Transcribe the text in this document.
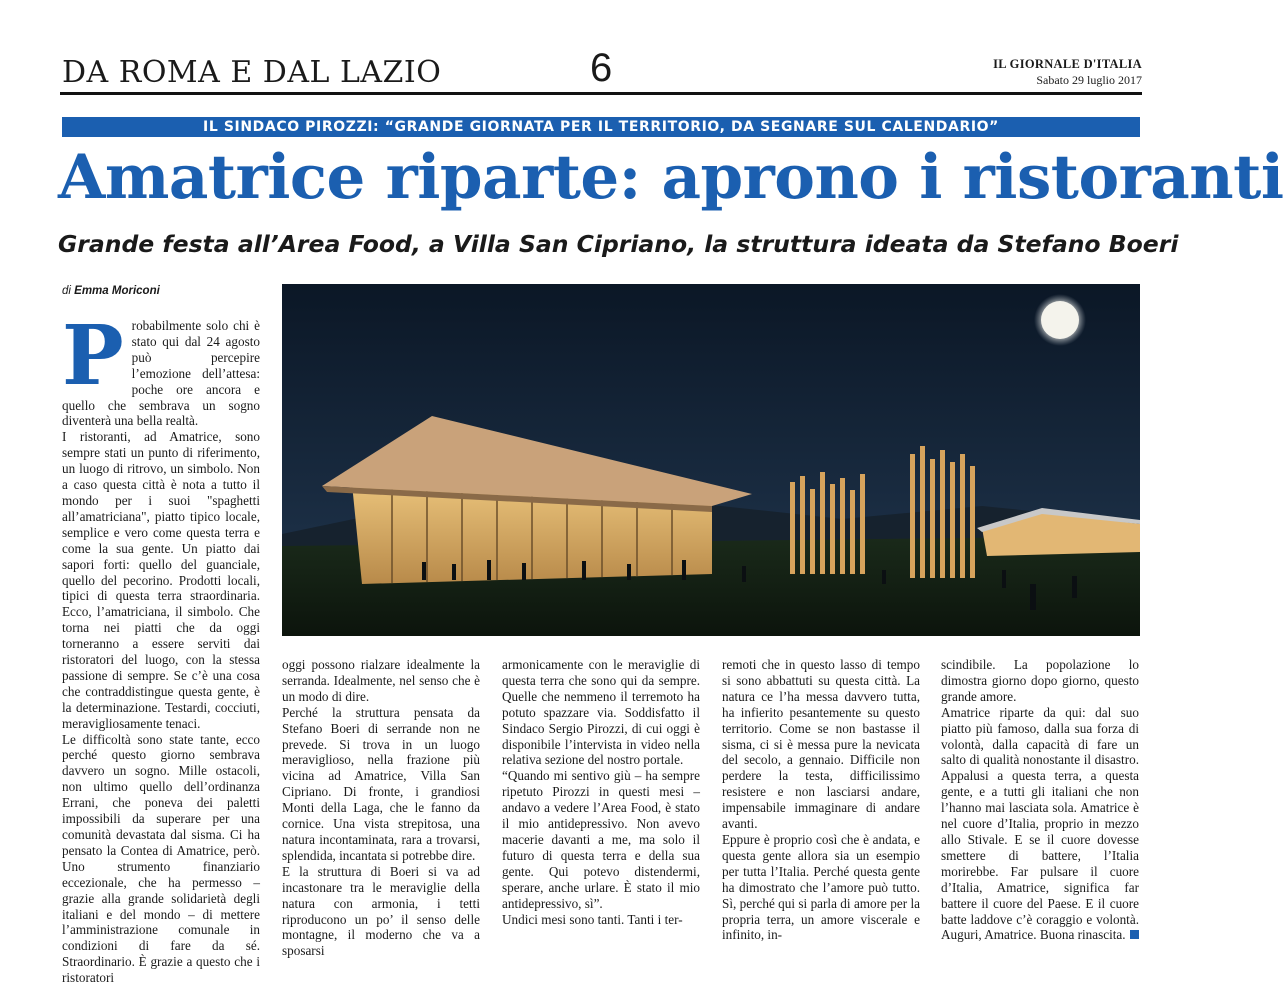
DA ROMA E DAL LAZIO	6	IL GIORNALE D'ITALIA
Sabato 29 luglio 2017
IL SINDACO PIROZZI: “GRANDE GIORNATA PER IL TERRITORIO, DA SEGNARE SUL CALENDARIO”
Amatrice riparte: aprono i ristoranti
Grande festa all’Area Food, a Villa San Cipriano, la struttura ideata da Stefano Boeri
di Emma Moriconi

Probabilmente solo chi è stato qui dal 24 agosto può percepire l’emozione dell’attesa: poche ore ancora e quello che sembrava un sogno diventerà una bella realtà.

I ristoranti, ad Amatrice, sono sempre stati un punto di riferimento, un luogo di ritrovo, un simbolo. Non a caso questa città è nota a tutto il mondo per i suoi "spaghetti all’amatriciana", piatto tipico locale, semplice e vero come questa terra e come la sua gente. Un piatto dai sapori forti: quello del guanciale, quello del pecorino. Prodotti locali, tipici di questa terra straordinaria. Ecco, l’amatriciana, il simbolo. Che torna nei piatti che da oggi torneranno a essere serviti dai ristoratori del luogo, con la stessa passione di sempre. Se c’è una cosa che contraddistingue questa gente, è la determinazione. Testardi, cocciuti, meravigliosamente tenaci.

Le difficoltà sono state tante, ecco perché questo giorno sembrava davvero un sogno. Mille ostacoli, non ultimo quello dell’ordinanza Errani, che poneva dei paletti impossibili da superare per una comunità devastata dal sisma. Ci ha pensato la Contea di Amatrice, però. Uno strumento finanziario eccezionale, che ha permesso – grazie alla grande solidarietà degli italiani e del mondo – di mettere l’amministrazione comunale in condizioni di fare da sé. Straordinario. È grazie a questo che i ristoratori

oggi possono rialzare idealmente la serranda. Idealmente, nel senso che è un modo di dire.

Perché la struttura pensata da Stefano Boeri di serrande non ne prevede. Si trova in un luogo meraviglioso, nella frazione più vicina ad Amatrice, Villa San Cipriano. Di fronte, i grandiosi Monti della Laga, che le fanno da cornice. Una vista strepitosa, una natura incontaminata, rara a trovarsi, splendida, incantata si potrebbe dire.

E la struttura di Boeri si va ad incastonare tra le meraviglie della natura con armonia, i tetti riproducono un po’ il senso delle montagne, il moderno che va a sposarsi

armonicamente con le meraviglie di questa terra che sono qui da sempre. Quelle che nemmeno il terremoto ha potuto spazzare via. Soddisfatto il Sindaco Sergio Pirozzi, di cui oggi è disponibile l’intervista in video nella relativa sezione del nostro portale.

“Quando mi sentivo giù – ha sempre ripetuto Pirozzi in questi mesi – andavo a vedere l’Area Food, è stato il mio antidepressivo. Non avevo macerie davanti a me, ma solo il futuro di questa terra e della sua gente. Qui potevo distendermi, sperare, anche urlare. È stato il mio antidepressivo, sì”.

Undici mesi sono tanti. Tanti i ter-

remoti che in questo lasso di tempo si sono abbattuti su questa città. La natura ce l’ha messa davvero tutta, ha infierito pesantemente su questo territorio. Come se non bastasse il sisma, ci si è messa pure la nevicata del secolo, a gennaio. Difficile non perdere la testa, difficilissimo resistere e non lasciarsi andare, impensabile immaginare di andare avanti.

Eppure è proprio così che è andata, e questa gente allora sia un esempio per tutta l’Italia. Perché questa gente ha dimostrato che l’amore può tutto. Sì, perché qui si parla di amore per la propria terra, un amore viscerale e infinito, in-

scindibile. La popolazione lo dimostra giorno dopo giorno, questo grande amore.

Amatrice riparte da qui: dal suo piatto più famoso, dalla sua forza di volontà, dalla capacità di fare un salto di qualità nonostante il disastro. Appalusi a questa terra, a questa gente, e a tutti gli italiani che non l’hanno mai lasciata sola. Amatrice è nel cuore d’Italia, proprio in mezzo allo Stivale. E se il cuore dovesse smettere di battere, l’Italia morirebbe. Far pulsare il cuore d’Italia, Amatrice, significa far battere il cuore del Paese. E il cuore batte laddove c’è coraggio e volontà. Auguri, Amatrice. Buona rinascita.
